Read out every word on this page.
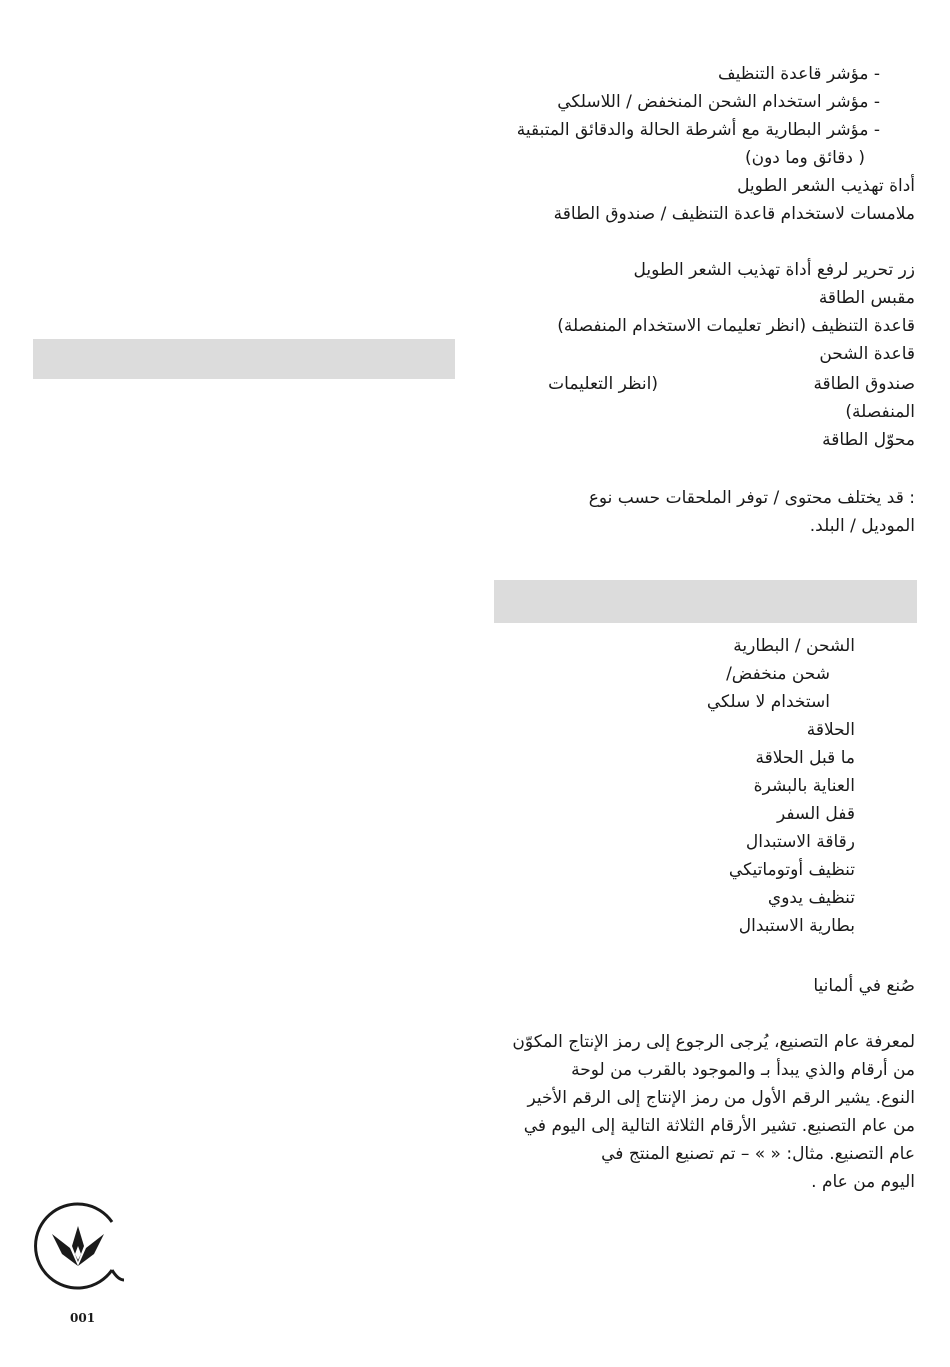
- مؤشر قاعدة التنظيف
- مؤشر استخدام الشحن المنخفض / اللاسلكي
- مؤشر البطارية مع أشرطة الحالة والدقائق المتبقية
( دقائق وما دون)
أداة تهذيب الشعر الطويل
ملامسات لاستخدام قاعدة التنظيف / صندوق الطاقة
زر تحرير لرفع أداة تهذيب الشعر الطويل
مقبس الطاقة
قاعدة التنظيف (انظر تعليمات الاستخدام المنفصلة)
قاعدة الشحن
صندوق الطاقة
(انظر التعليمات
المنفصلة)
محوّل الطاقة
: قد يختلف محتوى / توفر الملحقات حسب نوع
الموديل / البلد.
الشحن / البطارية
شحن منخفض/
استخدام لا سلكي
الحلاقة
ما قبل الحلاقة
العناية بالبشرة
قفل السفر
رقاقة الاستبدال
تنظيف أوتوماتيكي
تنظيف يدوي
بطارية الاستبدال
صُنع في ألمانيا
لمعرفة عام التصنيع، يُرجى الرجوع إلى رمز الإنتاج المكوّن
من أرقام والذي يبدأ بـ والموجود بالقرب من لوحة
النوع. يشير الرقم الأول من رمز الإنتاج إلى الرقم الأخير
من عام التصنيع. تشير الأرقام الثلاثة التالية إلى اليوم في
عام التصنيع. مثال: « » – تم تصنيع المنتج في
اليوم من عام .
001
